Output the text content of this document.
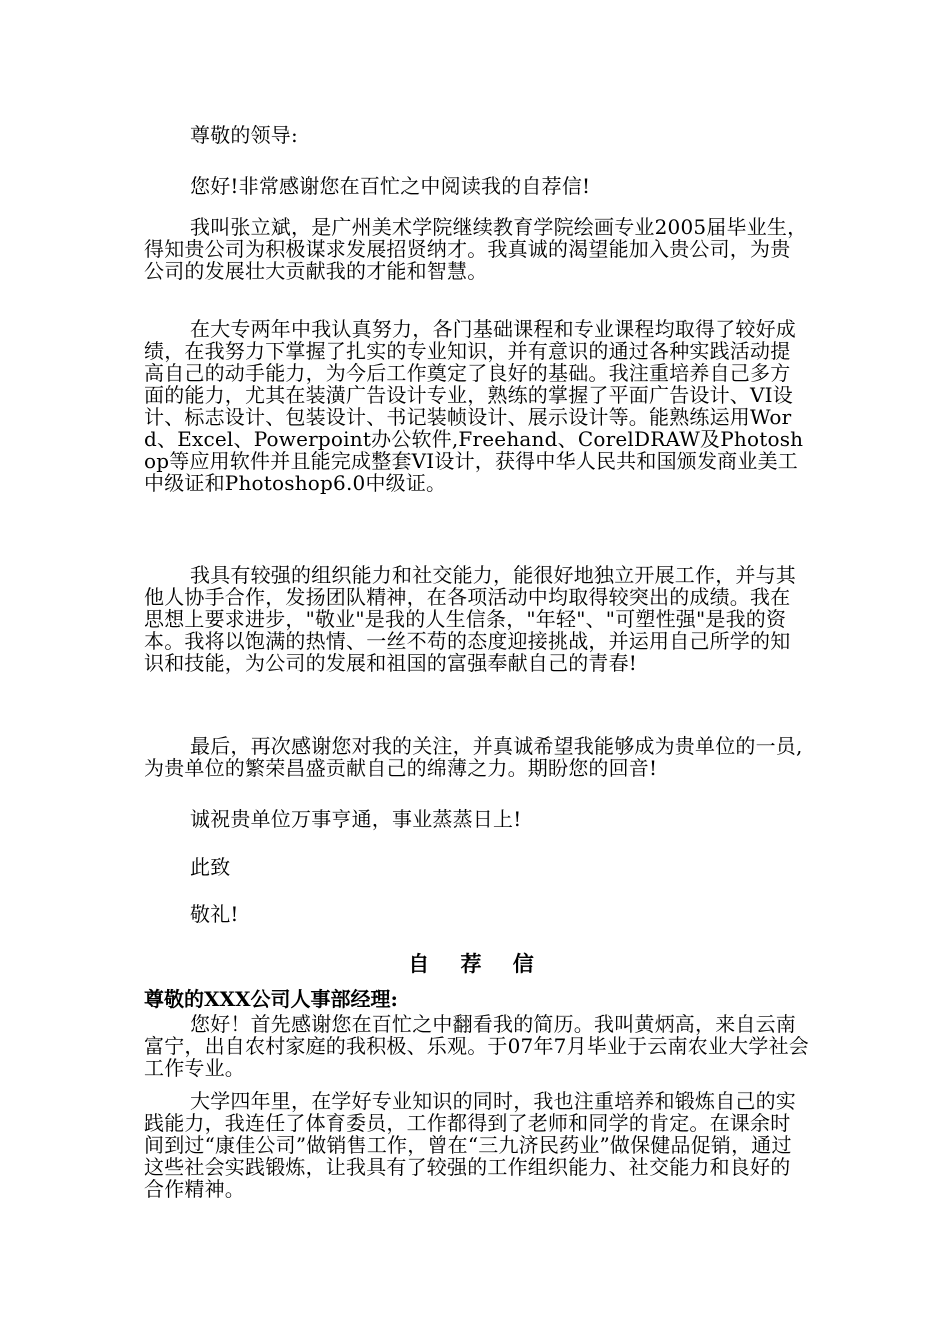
尊敬的领导:

您好!非常感谢您在百忙之中阅读我的自荐信!

我叫张立斌，是广州美术学院继续教育学院绘画专业2005届毕业生，得知贵公司为积极谋求发展招贤纳才。我真诚的渴望能加入贵公司，为贵公司的发展壮大贡献我的才能和智慧。

在大专两年中我认真努力，各门基础课程和专业课程均取得了较好成绩，在我努力下掌握了扎实的专业知识，并有意识的通过各种实践活动提高自己的动手能力，为今后工作奠定了良好的基础。我注重培养自己多方面的能力，尤其在装潢广告设计专业，熟练的掌握了平面广告设计、VI设计、标志设计、包装设计、书记装帧设计、展示设计等。能熟练运用Word、Excel、Powerpoint办公软件,Freehand、CorelDRAW及Photoshop等应用软件并且能完成整套VI设计，获得中华人民共和国颁发商业美工中级证和Photoshop6.0中级证。

我具有较强的组织能力和社交能力，能很好地独立开展工作，并与其他人协手合作，发扬团队精神，在各项活动中均取得较突出的成绩。我在思想上要求进步，"敬业"是我的人生信条，"年轻"、"可塑性强"是我的资本。我将以饱满的热情、一丝不苟的态度迎接挑战，并运用自己所学的知识和技能，为公司的发展和祖国的富强奉献自己的青春!

最后，再次感谢您对我的关注，并真诚希望我能够成为贵单位的一员, 为贵单位的繁荣昌盛贡献自己的绵薄之力。期盼您的回音!

诚祝贵单位万事亨通，事业蒸蒸日上!

此致

敬礼!

自 荐 信

尊敬的XXX公司人事部经理:

您好！首先感谢您在百忙之中翻看我的简历。我叫黄炳高，来自云南富宁，出自农村家庭的我积极、乐观。于07年7月毕业于云南农业大学社会工作专业。

大学四年里，在学好专业知识的同时，我也注重培养和锻炼自己的实践能力，我连任了体育委员，工作都得到了老师和同学的肯定。在课余时间到过“康佳公司”做销售工作，曾在“三九济民药业”做保健品促销，通过这些社会实践锻炼，让我具有了较强的工作组织能力、社交能力和良好的合作精神。
